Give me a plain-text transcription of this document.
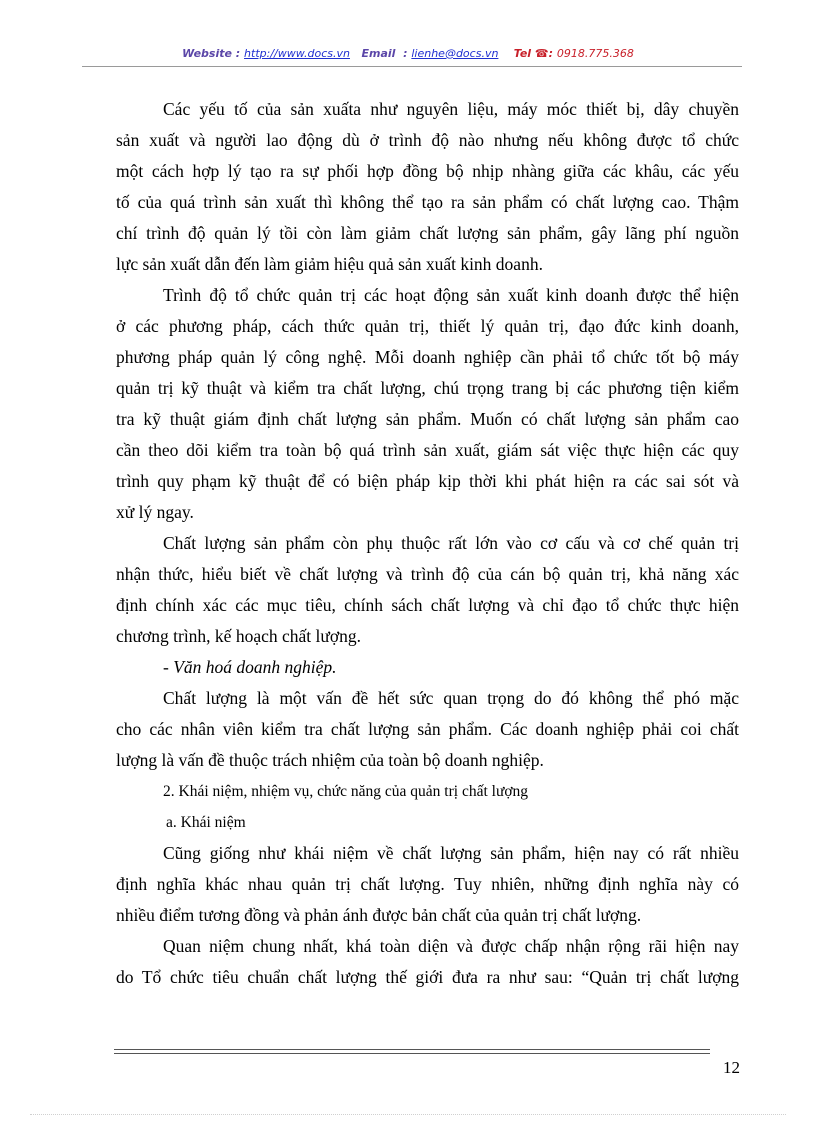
Website : http://www.docs.vn Email : lienhe@docs.vn Tel ☎: 0918.775.368
Các yếu tố của sản xuấta như nguyên liệu, máy móc thiết bị, dây chuyền
sản xuất và người lao động dù ở trình độ nào nhưng nếu không được tổ chức
một cách hợp lý tạo ra sự phối hợp đồng bộ nhịp nhàng giữa các khâu, các yếu
tố của quá trình sản xuất thì không thể tạo ra sản phẩm có chất lượng cao. Thậm
chí trình độ quản lý tồi còn làm giảm chất lượng sản phẩm, gây lãng phí nguồn
lực sản xuất dẫn đến làm giảm hiệu quả sản xuất kinh doanh.
Trình độ tổ chức quản trị các hoạt động sản xuất kinh doanh được thể hiện
ở các phương pháp, cách thức quản trị, thiết lý quản trị, đạo đức kinh doanh,
phương pháp quản lý công nghệ. Mỗi doanh nghiệp cần phải tổ chức tốt bộ máy
quản trị kỹ thuật và kiểm tra chất lượng, chú trọng trang bị các phương tiện kiểm
tra kỹ thuật giám định chất lượng sản phẩm. Muốn có chất lượng sản phẩm cao
cần theo dõi kiểm tra toàn bộ quá trình sản xuất, giám sát việc thực hiện các quy
trình quy phạm kỹ thuật để có biện pháp kịp thời khi phát hiện ra các sai sót và
xử lý ngay.
Chất lượng sản phẩm còn phụ thuộc rất lớn vào cơ cấu và cơ chế quản trị
nhận thức, hiểu biết về chất lượng và trình độ của cán bộ quản trị, khả năng xác
định chính xác các mục tiêu, chính sách chất lượng và chỉ đạo tổ chức thực hiện
chương trình, kế hoạch chất lượng.
- Văn hoá doanh nghiệp.
Chất lượng là một vấn đề hết sức quan trọng do đó không thể phó mặc
cho các nhân viên kiểm tra chất lượng sản phẩm. Các doanh nghiệp phải coi chất
lượng là vấn đề thuộc trách nhiệm của toàn bộ doanh nghiệp.
2. Khái niệm, nhiệm vụ, chức năng của quản trị chất lượng
a. Khái niệm
Cũng giống như khái niệm về chất lượng sản phẩm, hiện nay có rất nhiều
định nghĩa khác nhau quản trị chất lượng. Tuy nhiên, những định nghĩa này có
nhiều điểm tương đồng và phản ánh được bản chất của quản trị chất lượng.
Quan niệm chung nhất, khá toàn diện và được chấp nhận rộng rãi hiện nay
do Tổ chức tiêu chuẩn chất lượng thế giới đưa ra như sau: “Quản trị chất lượng
12
